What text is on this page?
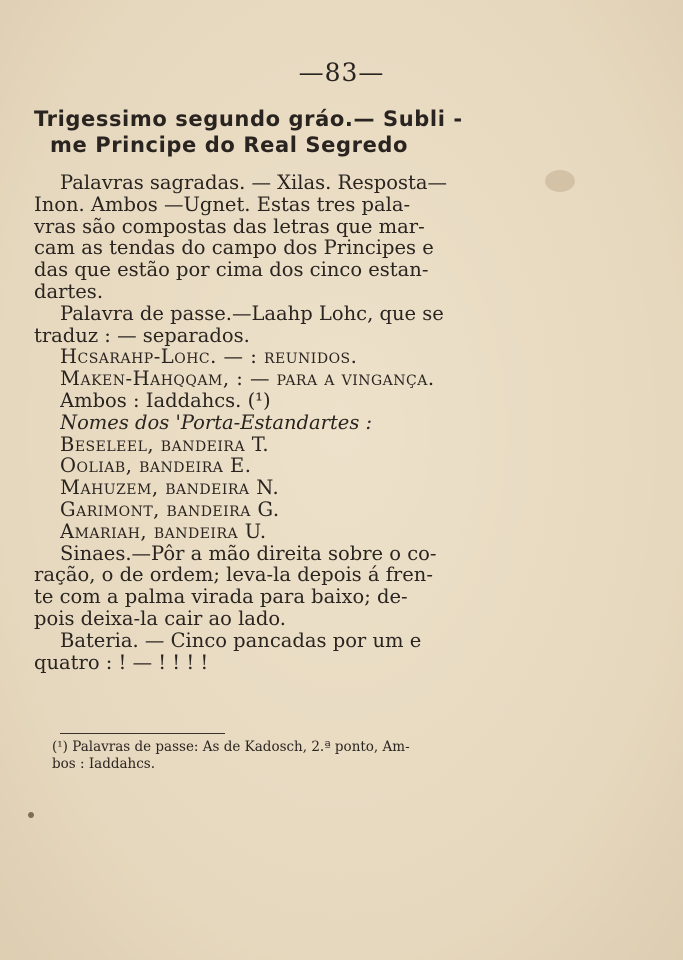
—83—
Trigessimo segundo gráo.— Subli -
me Principe do Real Segredo
Palavras sagradas. — Xilas. Resposta—
Inon. Ambos —Ugnet. Estas tres pala-
vras são compostas das letras que mar-
cam as tendas do campo dos Principes e
das que estão por cima dos cinco estan-
dartes.
Palavra de passe.—Laahp Lohc, que se
traduz : — separados.
Hcsarahp-Lohc. — : reunidos.
Maken-Hahqqam, : — para a vingança.
Ambos : Iaddahcs. (¹)
Nomes dos 'Porta-Estandartes :
Beseleel, bandeira T.
Ooliab, bandeira E.
Mahuzem, bandeira N.
Garimont, bandeira G.
Amariah, bandeira U.
Sinaes.—Pôr a mão direita sobre o co-
ração, o de ordem; leva-la depois á fren-
te com a palma virada para baixo; de-
pois deixa-la cair ao lado.
Bateria. — Cinco pancadas por um e
quatro : ! — ! ! ! !
(¹) Palavras de passe: As de Kadosch, 2.ª ponto, Am-
bos : Iaddahcs.
